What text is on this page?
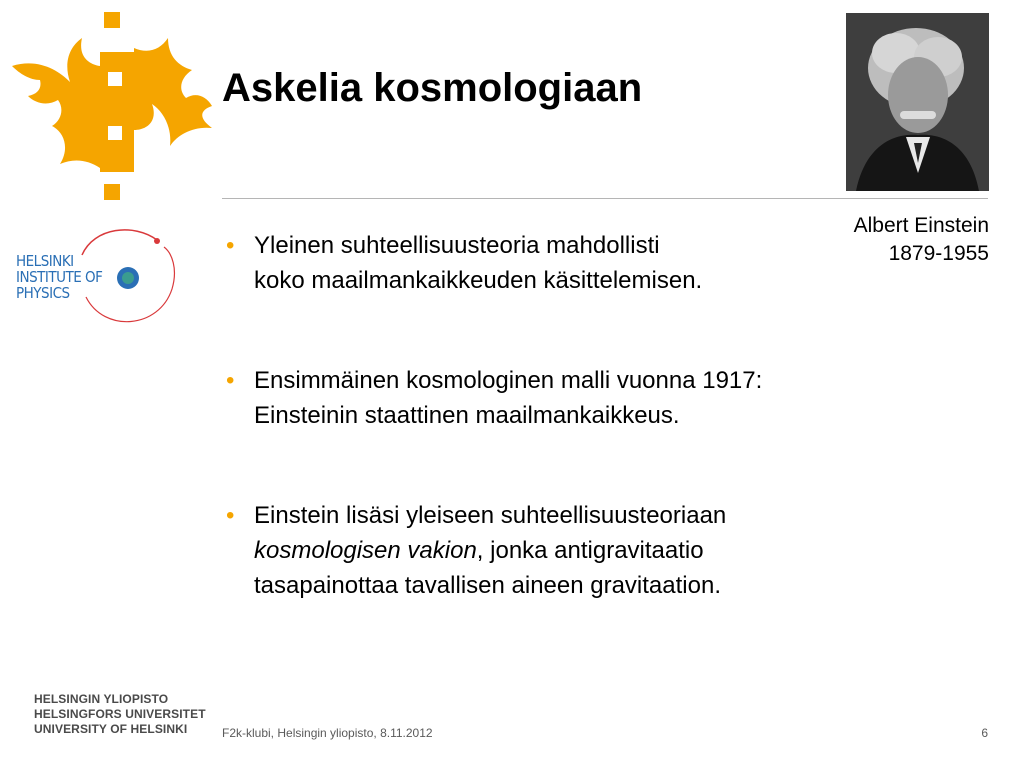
Askelia kosmologiaan
Albert Einstein
1879-1955
HELSINKI
INSTITUTE OF
PHYSICS
• Yleinen suhteellisuusteoria mahdollisti
koko maailmankaikkeuden käsittelemisen.
• Ensimmäinen kosmologinen malli vuonna 1917:
Einsteinin staattinen maailmankaikkeus.
• Einstein lisäsi yleiseen suhteellisuusteoriaan
kosmologisen vakion, jonka antigravitaatio
tasapainottaa tavallisen aineen gravitaation.
HELSINGIN YLIOPISTO
HELSINGFORS UNIVERSITET
UNIVERSITY OF HELSINKI	F2k-klubi, Helsingin yliopisto, 8.11.2012	6
